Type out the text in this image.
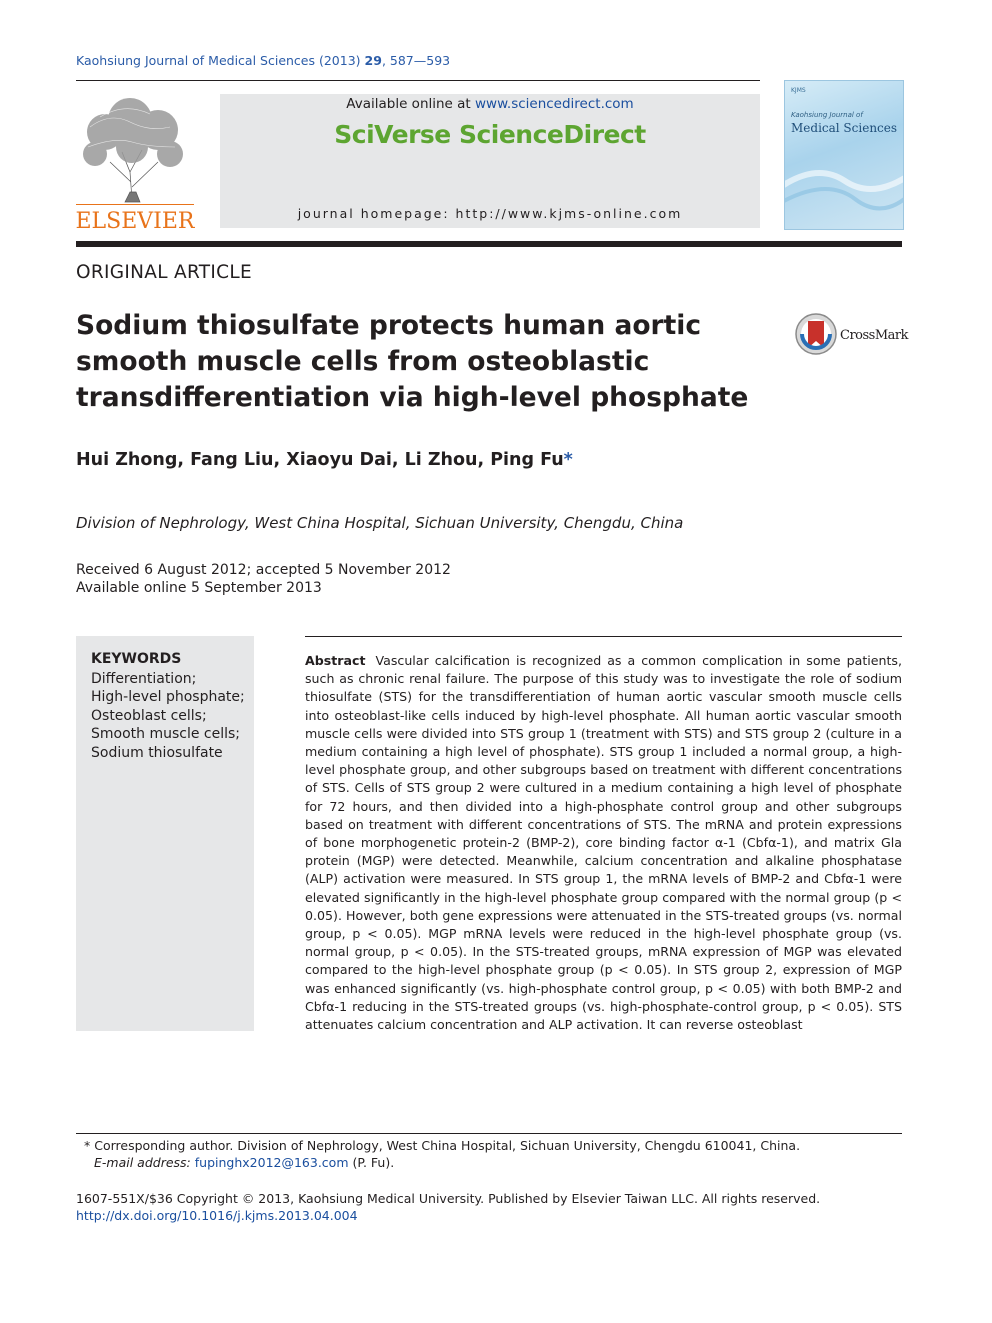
Kaohsiung Journal of Medical Sciences (2013) 29, 587—593
ELSEVIER
Available online at www.sciencedirect.com
SciVerse ScienceDirect
journal homepage: http://www.kjms-online.com
KJMS
Kaohsiung Journal of
Medical Sciences
ORIGINAL ARTICLE
Sodium thiosulfate protects human aortic smooth muscle cells from osteoblastic transdifferentiation via high-level phosphate
CrossMark
Hui Zhong, Fang Liu, Xiaoyu Dai, Li Zhou, Ping Fu*
Division of Nephrology, West China Hospital, Sichuan University, Chengdu, China
Received 6 August 2012; accepted 5 November 2012
Available online 5 September 2013
KEYWORDS
Differentiation;
High-level phosphate;
Osteoblast cells;
Smooth muscle cells;
Sodium thiosulfate
Abstract Vascular calcification is recognized as a common complication in some patients, such as chronic renal failure. The purpose of this study was to investigate the role of sodium thiosulfate (STS) for the transdifferentiation of human aortic vascular smooth muscle cells into osteoblast-like cells induced by high-level phosphate. All human aortic vascular smooth muscle cells were divided into STS group 1 (treatment with STS) and STS group 2 (culture in a medium containing a high level of phosphate). STS group 1 included a normal group, a high-level phosphate group, and other subgroups based on treatment with different concentrations of STS. Cells of STS group 2 were cultured in a medium containing a high level of phosphate for 72 hours, and then divided into a high-phosphate control group and other subgroups based on treatment with different concentrations of STS. The mRNA and protein expressions of bone morphogenetic protein-2 (BMP-2), core binding factor α-1 (Cbfα-1), and matrix Gla protein (MGP) were detected. Meanwhile, calcium concentration and alkaline phosphatase (ALP) activation were measured. In STS group 1, the mRNA levels of BMP-2 and Cbfα-1 were elevated significantly in the high-level phosphate group compared with the normal group (p < 0.05). However, both gene expressions were attenuated in the STS-treated groups (vs. normal group, p < 0.05). MGP mRNA levels were reduced in the high-level phosphate group (vs. normal group, p < 0.05). In the STS-treated groups, mRNA expression of MGP was elevated compared to the high-level phosphate group (p < 0.05). In STS group 2, expression of MGP was enhanced significantly (vs. high-phosphate control group, p < 0.05) with both BMP-2 and Cbfα-1 reducing in the STS-treated groups (vs. high-phosphate-control group, p < 0.05). STS attenuates calcium concentration and ALP activation. It can reverse osteoblast
* Corresponding author. Division of Nephrology, West China Hospital, Sichuan University, Chengdu 610041, China.
E-mail address: fupinghx2012@163.com (P. Fu).
1607-551X/$36 Copyright © 2013, Kaohsiung Medical University. Published by Elsevier Taiwan LLC. All rights reserved.
http://dx.doi.org/10.1016/j.kjms.2013.04.004
